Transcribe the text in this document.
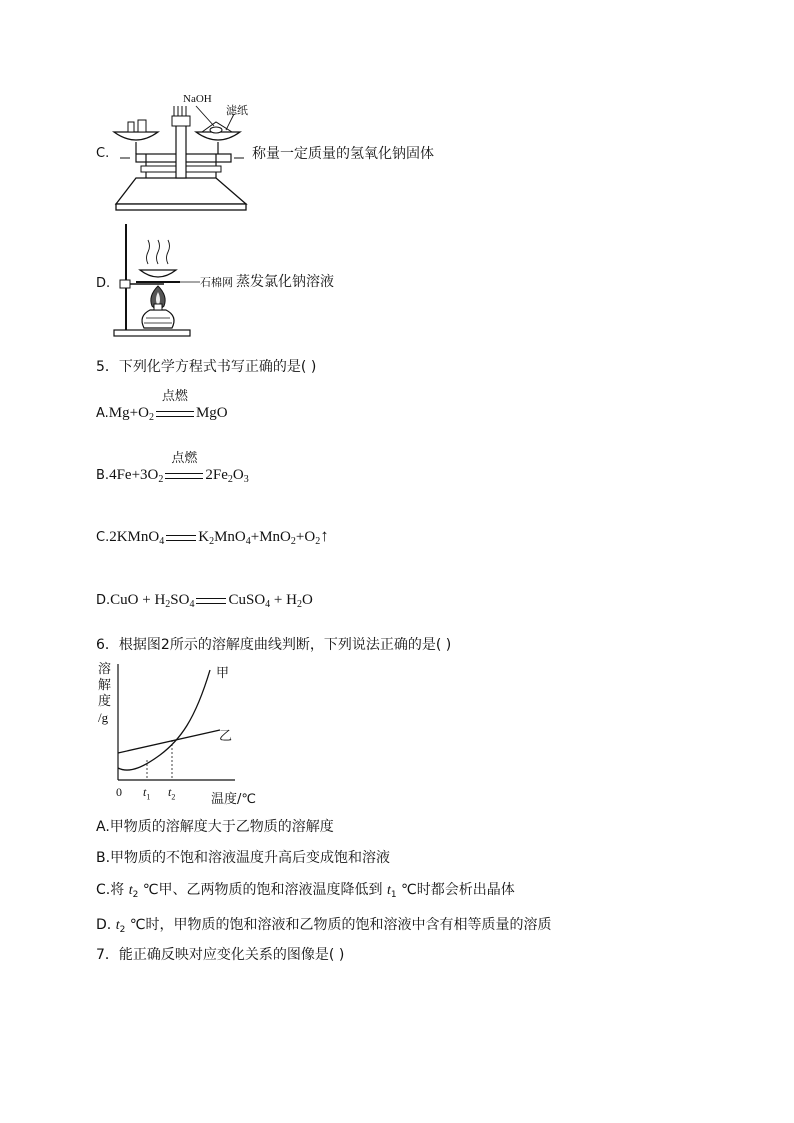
C.
NaOH
滤纸
称量一定质量的氢氧化钠固体
D.	石棉网 蒸发氯化钠溶液
5．下列化学方程式书写正确的是( )
$A.Mg+O_2$
点燃
MgO
$B.4Fe+3O_2$
点燃
$2Fe_2O_3$
C.2KMnO$_4$ $K_2MnO_4+MnO_2+O_2↑$
$D.CuO + H_2SO_4$ CuSO$_4$ + $H_2O$
6．根据图2所示的溶解度曲线判断，下列说法正确的是( )
溶
解
度
/g
甲
乙
0 $t_1$ $t_2$	温度/℃
A.甲物质的溶解度大于乙物质的溶解度
B.甲物质的不饱和溶液温度升高后变成饱和溶液
C.将 $t_2$ ℃甲、乙两物质的饱和溶液温度降低到 $t_1$ ℃时都会析出晶体
D. $t_2$ ℃时，甲物质的饱和溶液和乙物质的饱和溶液中含有相等质量的溶质
7．能正确反映对应变化关系的图像是( )
